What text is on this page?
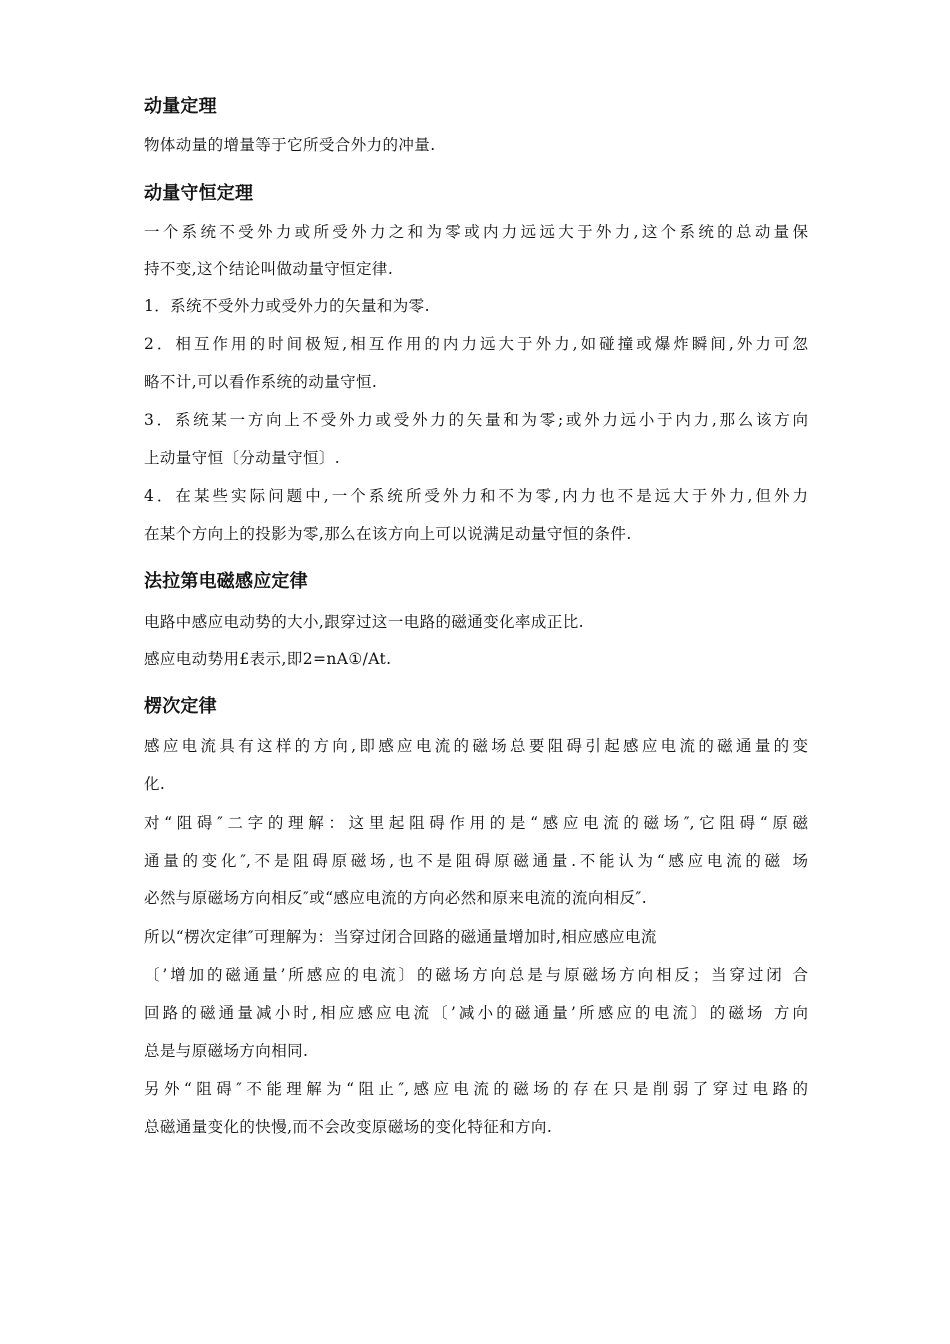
动量定理
物体动量的增量等于它所受合外力的冲量.
动量守恒定理
一个系统不受外力或所受外力之和为零或内力远远大于外力,这个系统的总动量保
持不变,这个结论叫做动量守恒定律.
1．系统不受外力或受外力的矢量和为零.
2．相互作用的时间极短,相互作用的内力远大于外力,如碰撞或爆炸瞬间,外力可忽
略不计,可以看作系统的动量守恒.
3．系统某一方向上不受外力或受外力的矢量和为零;或外力远小于内力,那么该方向
上动量守恒〔分动量守恒〕.
4．在某些实际问题中,一个系统所受外力和不为零,内力也不是远大于外力,但外力
在某个方向上的投影为零,那么在该方向上可以说满足动量守恒的条件.
法拉第电磁感应定律
电路中感应电动势的大小,跟穿过这一电路的磁通变化率成正比.
感应电动势用£表示,即2=nA①/At.
楞次定律
感应电流具有这样的方向,即感应电流的磁场总要阻碍引起感应电流的磁通量的变
化.
对“阻碍″二字的理解：这里起阻碍作用的是“感应电流的磁场″,它阻碍“原磁
通量的变化″,不是阻碍原磁场,也不是阻碍原磁通量.不能认为“感应电流的磁 场
必然与原磁场方向相反″或“感应电流的方向必然和原来电流的流向相反″.
所以“楞次定律″可理解为：当穿过闭合回路的磁通量增加时,相应感应电流
〔’增加的磁通量’所感应的电流〕的磁场方向总是与原磁场方向相反；当穿过闭 合
回路的磁通量减小时,相应感应电流〔’减小的磁通量’所感应的电流〕的磁场 方向
总是与原磁场方向相同.
另外“阻碍″不能理解为“阻止″,感应电流的磁场的存在只是削弱了穿过电路的
总磁通量变化的快慢,而不会改变原磁场的变化特征和方向.
